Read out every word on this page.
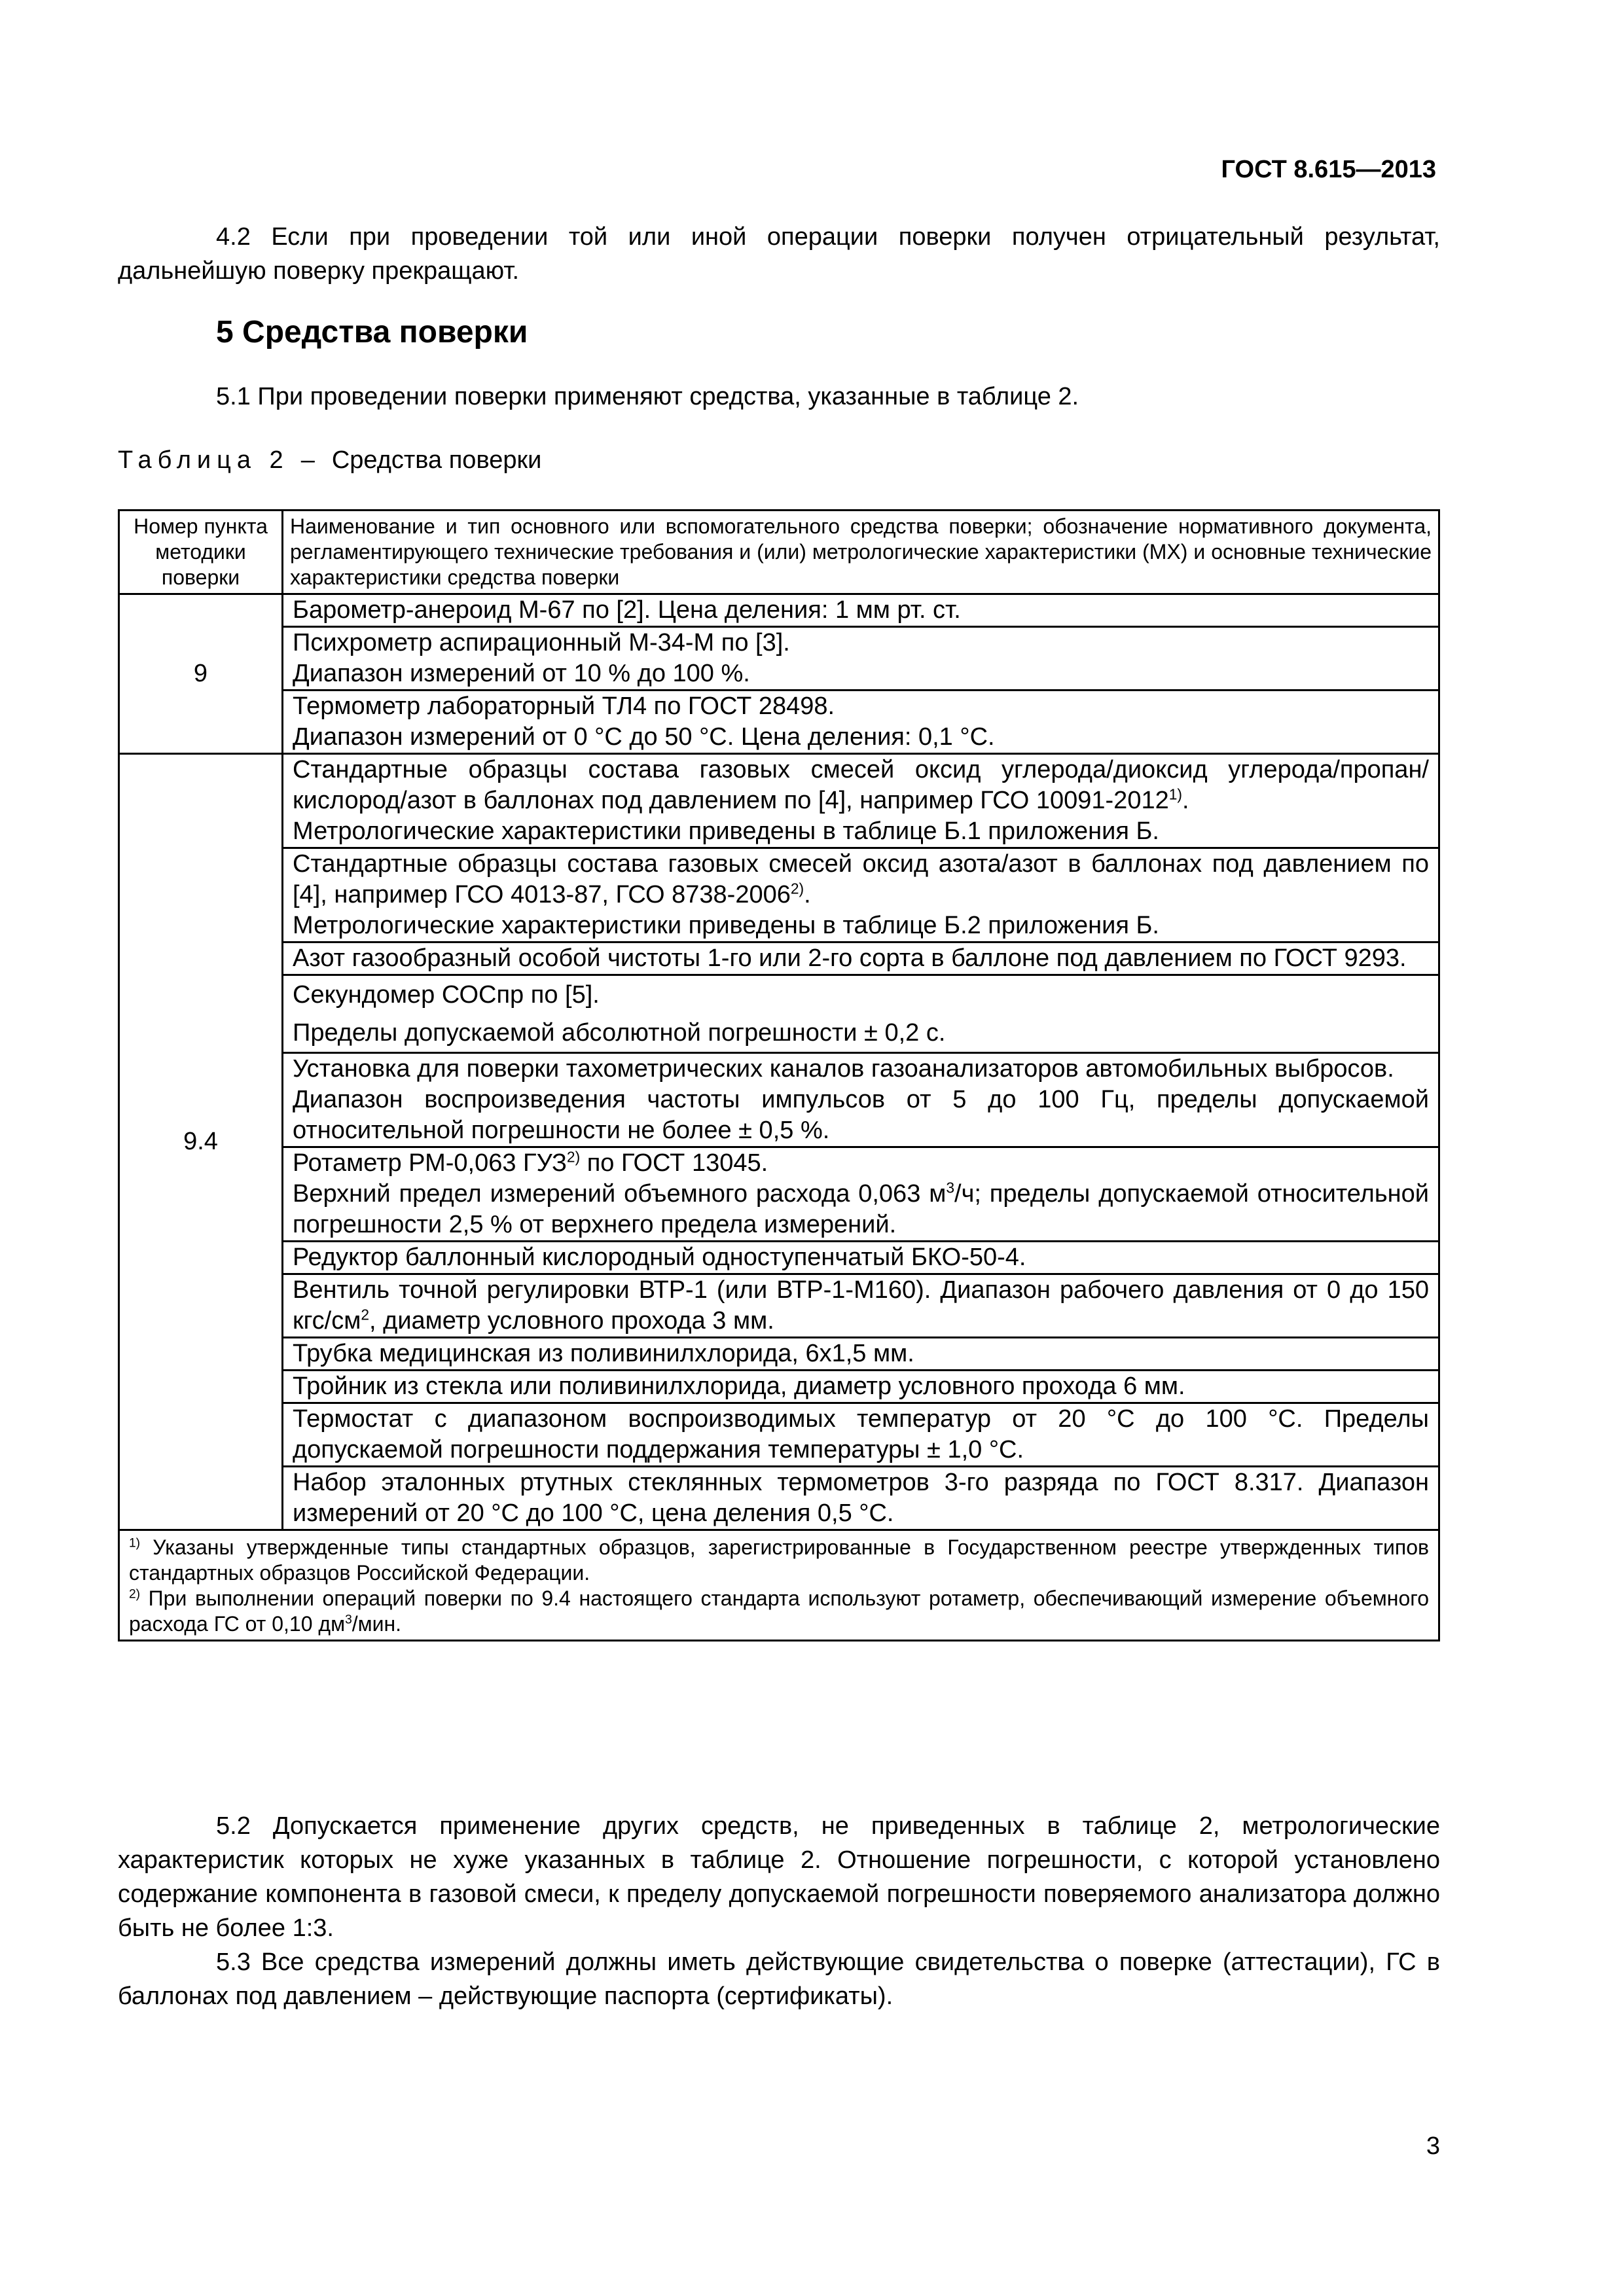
ГОСТ 8.615—2013
4.2 Если при проведении той или иной операции поверки получен отрицательный результат,
дальнейшую поверку прекращают.
5 Средства поверки
5.1 При проведении поверки применяют средства, указанные в таблице 2.
Таблица 2 – Средства поверки
Номер пункта методики поверки	Наименование и тип основного или вспомогательного средства поверки; обозначение нормативного документа, регламентирующего технические требования и (или) метрологические характеристики (МХ) и основные технические характеристики средства поверки
9	Барометр-анероид М-67 по [2]. Цена деления: 1 мм рт. ст.

	Психрометр аспирационный М-34-М по [3].
Диапазон измерений от 10 % до 100 %.

	Термометр лабораторный ТЛ4 по ГОСТ 28498.
Диапазон измерений от 0 °С до 50 °С. Цена деления: 0,1 °С.

9.4	Стандартные образцы состава газовых смесей оксид углерода/диоксид углерода/пропан/кислород/азот в баллонах под давлением по [4], например ГСО 10091-2012$^{1)}$.
Метрологические характеристики приведены в таблице Б.1 приложения Б.

	Стандартные образцы состава газовых смесей оксид азота/азот в баллонах под давлением по [4], например ГСО 4013-87, ГСО 8738-2006$^{2)}$.
Метрологические характеристики приведены в таблице Б.2 приложения Б.

	Азот газообразный особой чистоты 1-го или 2-го сорта в баллоне под давлением по ГОСТ 9293.

	Секундомер СОСпр по [5].
Пределы допускаемой абсолютной погрешности ± 0,2 с.

	Установка для поверки тахометрических каналов газоанализаторов автомобильных выбросов.
Диапазон воспроизведения частоты импульсов от 5 до 100 Гц, пределы допускаемой относительной погрешности не более ± 0,5 %.

	Ротаметр РМ-0,063 ГУЗ$^{2)}$ по ГОСТ 13045.
Верхний предел измерений объемного расхода 0,063 $м^3/ч$; пределы допускаемой относительной погрешности 2,5 % от верхнего предела измерений.

	Редуктор баллонный кислородный одноступенчатый БКО-50-4.
	Вентиль точной регулировки ВТР-1 (или ВТР-1-М160). Диапазон рабочего давления от 0 до 150 кгс/$см^2$, диаметр условного прохода 3 мм.
	Трубка медицинская из поливинилхлорида, 6х1,5 мм.
	Тройник из стекла или поливинилхлорида, диаметр условного прохода 6 мм.
	Термостат с диапазоном воспроизводимых температур от 20 °С до 100 °С. Пределы допускаемой погрешности поддержания температуры ± 1,0 °С.
	Набор эталонных ртутных стеклянных термометров 3-го разряда по ГОСТ 8.317. Диапазон измерений от 20 °С до 100 °С, цена деления 0,5 °С.

$^{1)}$ Указаны утвержденные типы стандартных образцов, зарегистрированные в Государственном реестре утвержденных типов стандартных образцов Российской Федерации.
$^{2)}$ При выполнении операций поверки по 9.4 настоящего стандарта используют ротаметр, обеспечивающий измерение объемного расхода ГС от 0,10 $дм^3$/мин.	
5.2 Допускается применение других средств, не приведенных в таблице 2, метрологические характеристик которых не хуже указанных в таблице 2. Отношение погрешности, с которой установлено содержание компонента в газовой смеси, к пределу допускаемой погрешности поверяемого анализатора должно быть не более 1:3.
5.3 Все средства измерений должны иметь действующие свидетельства о поверке (аттестации), ГС в баллонах под давлением – действующие паспорта (сертификаты).
3
